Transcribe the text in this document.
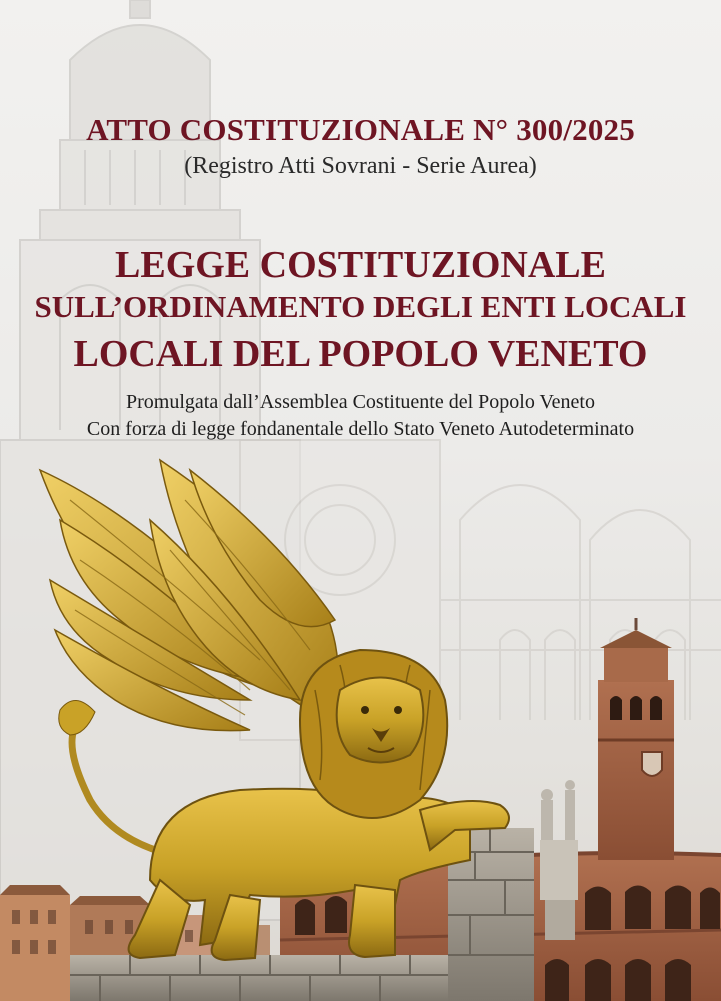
ATTO COSTITUZIONALE N° 300/2025
(Registro Atti Sovrani - Serie Aurea)
LEGGE COSTITUZIONALE
SULL’ORDINAMENTO DEGLI ENTI LOCALI
LOCALI DEL POPOLO VENETO
Promulgata dall’Assemblea Costituente del Popolo Veneto
Con forza di legge fondanentale dello Stato Veneto Autodeterminato
